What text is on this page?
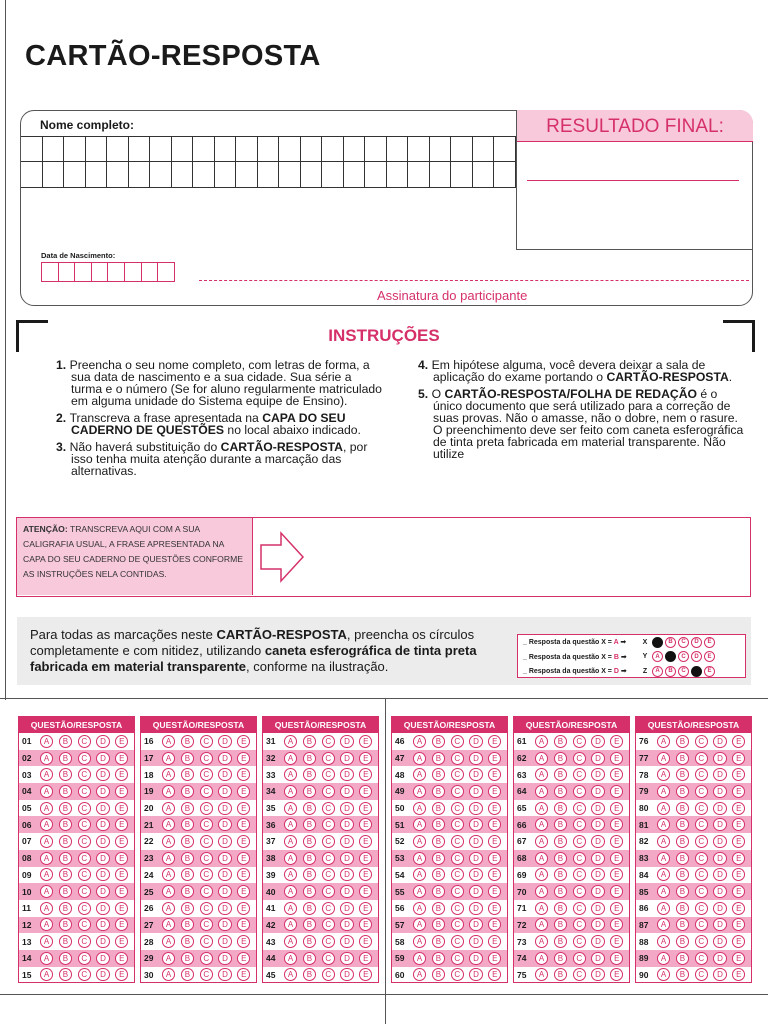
CARTÃO-RESPOSTA
Nome completo:	RESULTADO FINAL:
Data de Nascimento:
Assinatura do participante
INSTRUÇÕES

1. Preencha o seu nome completo, com letras de forma, a sua data de nascimento e a sua cidade. Sua série a turma e o número (Se for aluno regularmente matriculado em alguma unidade do Sistema equipe de Ensino).

2. Transcreva a frase apresentada na CAPA DO SEU CADERNO DE QUESTÕES no local abaixo indicado.

3. Não haverá substituição do CARTÃO-RESPOSTA, por isso tenha muita atenção durante a marcação das alternativas.

4. Em hipótese alguma, você devera deixar a sala de aplicação do exame portando o CARTÃO-RESPOSTA.

5. O CARTÃO-RESPOSTA/FOLHA DE REDAÇÃO é o único documento que será utilizado para a correção de suas provas. Não o amasse, não o dobre, nem o rasure. O preenchimento deve ser feito com caneta esferográfica de tinta preta fabricada em material transparente. Não utilize

ATENÇÃO: TRANSCREVA AQUI COM A SUA CALIGRAFIA USUAL, A FRASE APRESENTADA NA CAPA DO SEU CADERNO DE QUESTÕES CONFORME AS INSTRUÇÕES NELA CONTIDAS.
Para todas as marcações neste CARTÃO-RESPOSTA, preencha os círculos completamente e com nitidez, utilizando caneta esferográfica de tinta preta fabricada em material transparente, conforme na ilustração.
_ Resposta da questão X = A ➡	X	B	C	D	E
_ Resposta da questão X = B ➡	Y	A	C	D	E
_ Resposta da questão X = D ➡	Z	A	B	C	E
QUESTÃO/RESPOSTA
01	A	B	C	D	E
02	A	B	C	D	E
03	A	B	C	D	E
04	A	B	C	D	E
05	A	B	C	D	E
06	A	B	C	D	E
07	A	B	C	D	E
08	A	B	C	D	E
09	A	B	C	D	E
10	A	B	C	D	E
11	A	B	C	D	E
12	A	B	C	D	E
13	A	B	C	D	E
14	A	B	C	D	E
15	A	B	C	D	E
QUESTÃO/RESPOSTA
16	A	B	C	D	E
17	A	B	C	D	E
18	A	B	C	D	E
19	A	B	C	D	E
20	A	B	C	D	E
21	A	B	C	D	E
22	A	B	C	D	E
23	A	B	C	D	E
24	A	B	C	D	E
25	A	B	C	D	E
26	A	B	C	D	E
27	A	B	C	D	E
28	A	B	C	D	E
29	A	B	C	D	E
30	A	B	C	D	E
QUESTÃO/RESPOSTA
31	A	B	C	D	E
32	A	B	C	D	E
33	A	B	C	D	E
34	A	B	C	D	E
35	A	B	C	D	E
36	A	B	C	D	E
37	A	B	C	D	E
38	A	B	C	D	E
39	A	B	C	D	E
40	A	B	C	D	E
41	A	B	C	D	E
42	A	B	C	D	E
43	A	B	C	D	E
44	A	B	C	D	E
45	A	B	C	D	E
QUESTÃO/RESPOSTA
46	A	B	C	D	E
47	A	B	C	D	E
48	A	B	C	D	E
49	A	B	C	D	E
50	A	B	C	D	E
51	A	B	C	D	E
52	A	B	C	D	E
53	A	B	C	D	E
54	A	B	C	D	E
55	A	B	C	D	E
56	A	B	C	D	E
57	A	B	C	D	E
58	A	B	C	D	E
59	A	B	C	D	E
60	A	B	C	D	E
QUESTÃO/RESPOSTA
61	A	B	C	D	E
62	A	B	C	D	E
63	A	B	C	D	E
64	A	B	C	D	E
65	A	B	C	D	E
66	A	B	C	D	E
67	A	B	C	D	E
68	A	B	C	D	E
69	A	B	C	D	E
70	A	B	C	D	E
71	A	B	C	D	E
72	A	B	C	D	E
73	A	B	C	D	E
74	A	B	C	D	E
75	A	B	C	D	E
QUESTÃO/RESPOSTA
76	A	B	C	D	E
77	A	B	C	D	E
78	A	B	C	D	E
79	A	B	C	D	E
80	A	B	C	D	E
81	A	B	C	D	E
82	A	B	C	D	E
83	A	B	C	D	E
84	A	B	C	D	E
85	A	B	C	D	E
86	A	B	C	D	E
87	A	B	C	D	E
88	A	B	C	D	E
89	A	B	C	D	E
90	A	B	C	D	E
